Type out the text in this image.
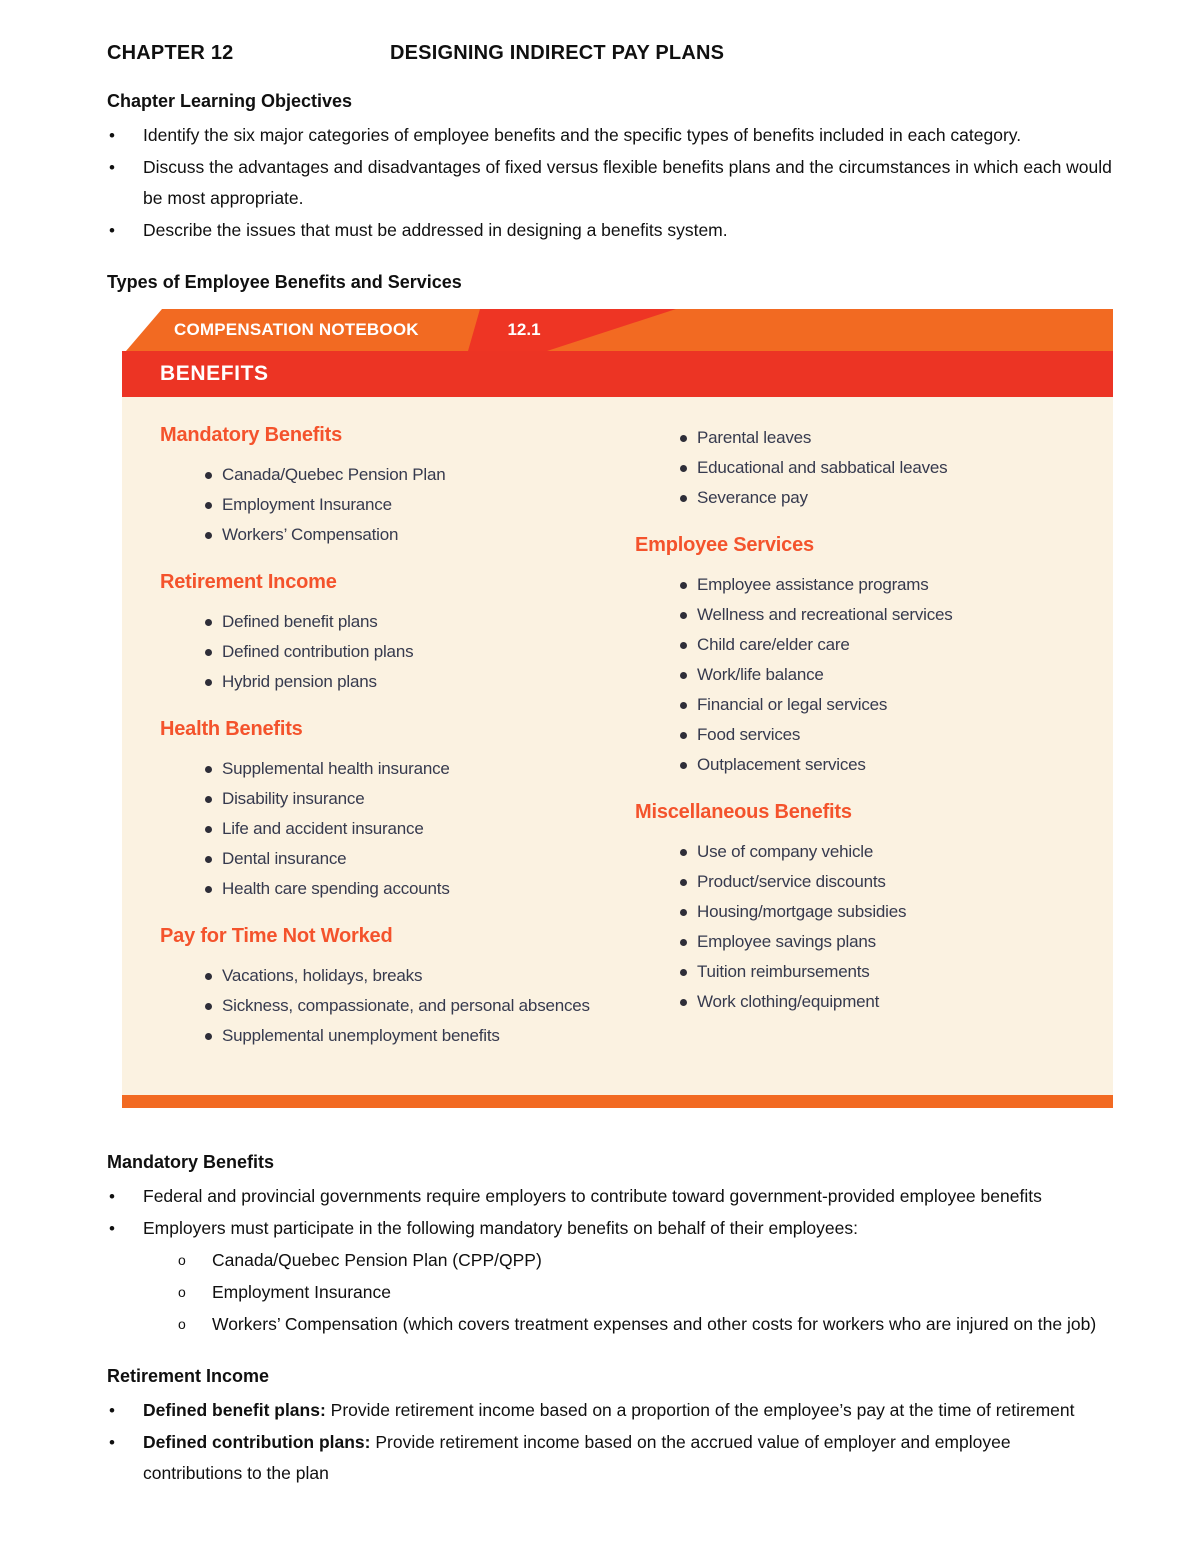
CHAPTER 12	DESIGNING INDIRECT PAY PLANS
Chapter Learning Objectives
• Identify the six major categories of employee benefits and the specific types of benefits included in each category.
• Discuss the advantages and disadvantages of fixed versus flexible benefits plans and the circumstances in which each would be most appropriate.
• Describe the issues that must be addressed in designing a benefits system.
Types of Employee Benefits and Services
COMPENSATION NOTEBOOK	12.1
BENEFITS
Mandatory Benefits
Canada/Quebec Pension Plan
Employment Insurance
Workers’ Compensation
Retirement Income
Defined benefit plans
Defined contribution plans
Hybrid pension plans
Health Benefits
Supplemental health insurance
Disability insurance
Life and accident insurance
Dental insurance
Health care spending accounts
Pay for Time Not Worked
Vacations, holidays, breaks
Sickness, compassionate, and personal absences
Supplemental unemployment benefits
Parental leaves
Educational and sabbatical leaves
Severance pay
Employee Services
Employee assistance programs
Wellness and recreational services
Child care/elder care
Work/life balance
Financial or legal services
Food services
Outplacement services
Miscellaneous Benefits
Use of company vehicle
Product/service discounts
Housing/mortgage subsidies
Employee savings plans
Tuition reimbursements
Work clothing/equipment
Mandatory Benefits
• Federal and provincial governments require employers to contribute toward government-provided employee benefits
• Employers must participate in the following mandatory benefits on behalf of their employees:
o Canada/Quebec Pension Plan (CPP/QPP)
o Employment Insurance
o Workers’ Compensation (which covers treatment expenses and other costs for workers who are injured on the job)
Retirement Income
• Defined benefit plans: Provide retirement income based on a proportion of the employee’s pay at the time of retirement
• Defined contribution plans: Provide retirement income based on the accrued value of employer and employee contributions to the plan
